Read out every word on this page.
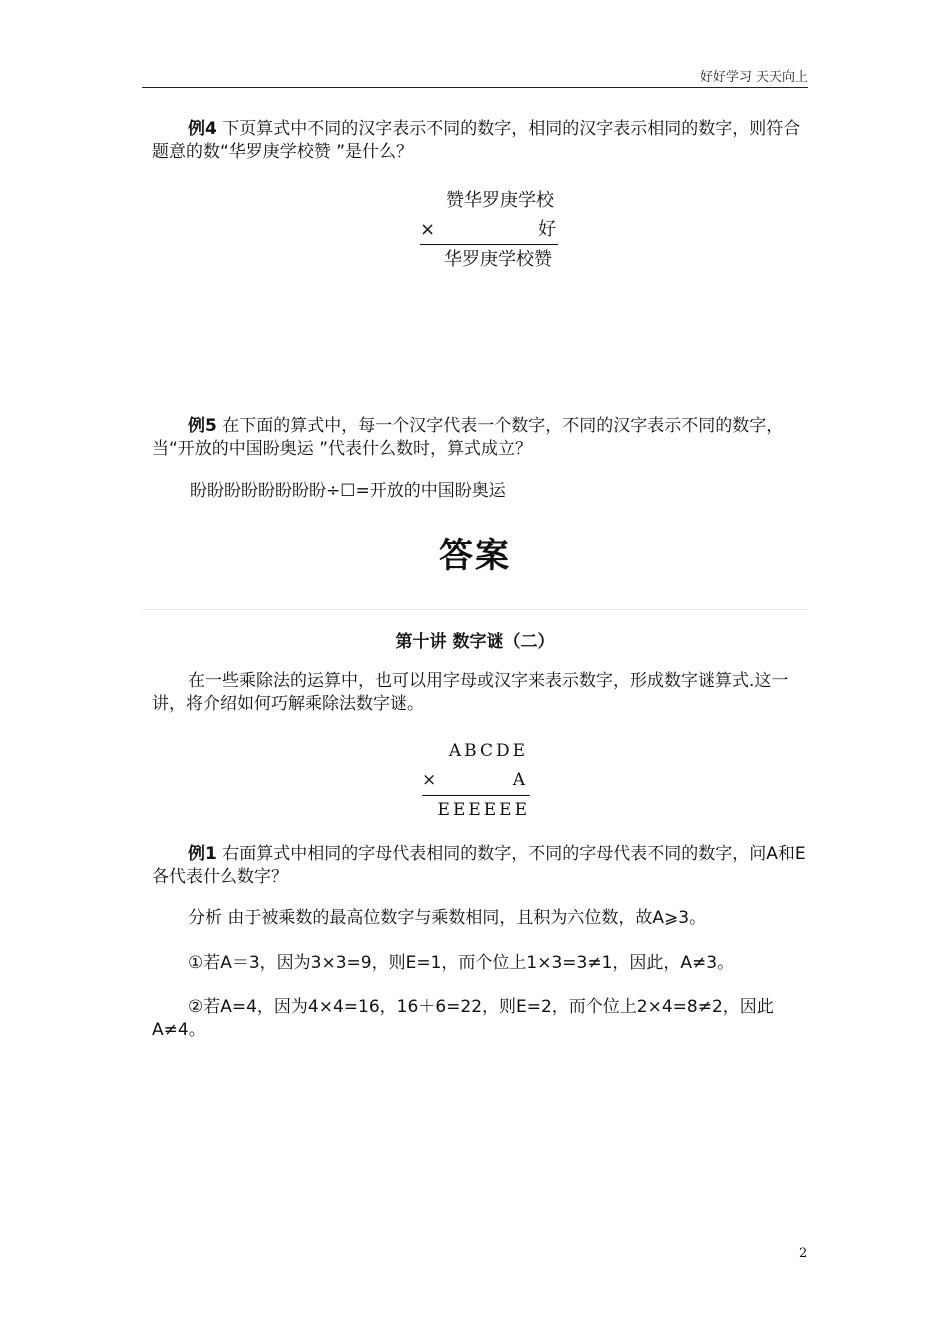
好好学习 天天向上

例4 下页算式中不同的汉字表示不同的数字，相同的汉字表示相同的数字，则符合题意的数“华罗庚学校赞 ”是什么？

赞华罗庚学校
×	好
华罗庚学校赞

例5 在下面的算式中，每一个汉字代表一个数字，不同的汉字表示不同的数字，当“开放的中国盼奥运 ”代表什么数时，算式成立？

盼盼盼盼盼盼盼盼÷☐=开放的中国盼奥运
答案
第十讲 数字谜（二）

在一些乘除法的运算中，也可以用字母或汉字来表示数字，形成数字谜算式.这一讲，将介绍如何巧解乘除法数字谜。

ABCDE
×	A
EEEEEE

例1 右面算式中相同的字母代表相同的数字，不同的字母代表不同的数字，问A和E各代表什么数字？

分析 由于被乘数的最高位数字与乘数相同，且积为六位数，故A⩾3。

①若A＝3，因为3×3=9，则E=1，而个位上1×3=3≠1，因此，A≠3。

②若A=4，因为4×4=16，16＋6=22，则E=2，而个位上2×4=8≠2，因此A≠4。

2
